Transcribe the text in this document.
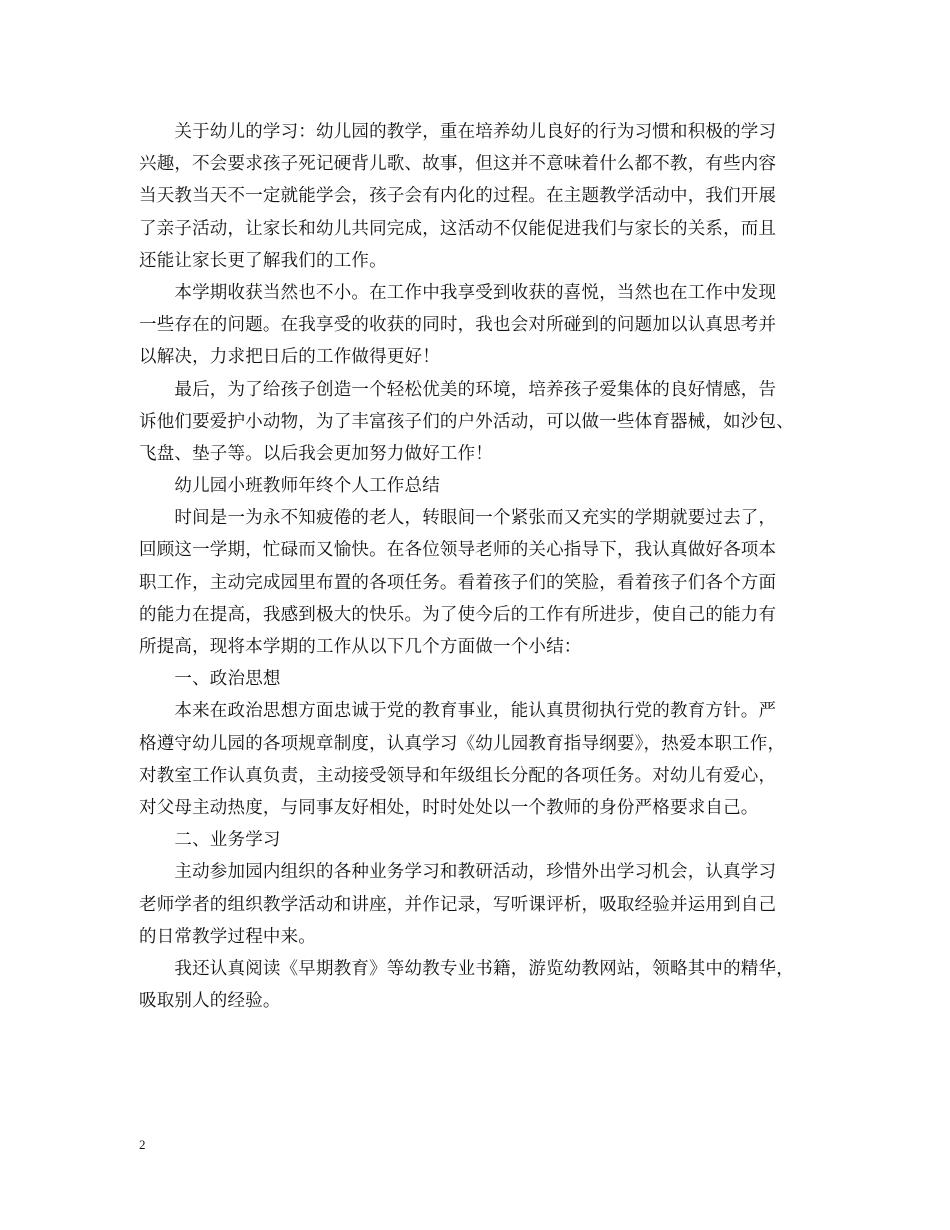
　　关于幼儿的学习：幼儿园的教学，重在培养幼儿良好的行为习惯和积极的学习
兴趣，不会要求孩子死记硬背儿歌、故事，但这并不意味着什么都不教，有些内容
当天教当天不一定就能学会，孩子会有内化的过程。在主题教学活动中，我们开展
了亲子活动，让家长和幼儿共同完成，这活动不仅能促进我们与家长的关系，而且
还能让家长更了解我们的工作。
　　本学期收获当然也不小。在工作中我享受到收获的喜悦，当然也在工作中发现
一些存在的问题。在我享受的收获的同时，我也会对所碰到的问题加以认真思考并
以解决，力求把日后的工作做得更好！
　　最后，为了给孩子创造一个轻松优美的环境，培养孩子爱集体的良好情感，告
诉他们要爱护小动物，为了丰富孩子们的户外活动，可以做一些体育器械，如沙包、
飞盘、垫子等。以后我会更加努力做好工作！
　　幼儿园小班教师年终个人工作总结
　　时间是一为永不知疲倦的老人，转眼间一个紧张而又充实的学期就要过去了，
回顾这一学期，忙碌而又愉快。在各位领导老师的关心指导下，我认真做好各项本
职工作，主动完成园里布置的各项任务。看着孩子们的笑脸，看着孩子们各个方面
的能力在提高，我感到极大的快乐。为了使今后的工作有所进步，使自己的能力有
所提高，现将本学期的工作从以下几个方面做一个小结：
　　一、政治思想
　　本来在政治思想方面忠诚于党的教育事业，能认真贯彻执行党的教育方针。严
格遵守幼儿园的各项规章制度，认真学习《幼儿园教育指导纲要》，热爱本职工作，
对教室工作认真负责，主动接受领导和年级组长分配的各项任务。对幼儿有爱心，
对父母主动热度，与同事友好相处，时时处处以一个教师的身份严格要求自己。
　　二、业务学习
　　主动参加园内组织的各种业务学习和教研活动，珍惜外出学习机会，认真学习
老师学者的组织教学活动和讲座，并作记录，写听课评析，吸取经验并运用到自己
的日常教学过程中来。
　　我还认真阅读《早期教育》等幼教专业书籍，游览幼教网站，领略其中的精华，
吸取别人的经验。
2
